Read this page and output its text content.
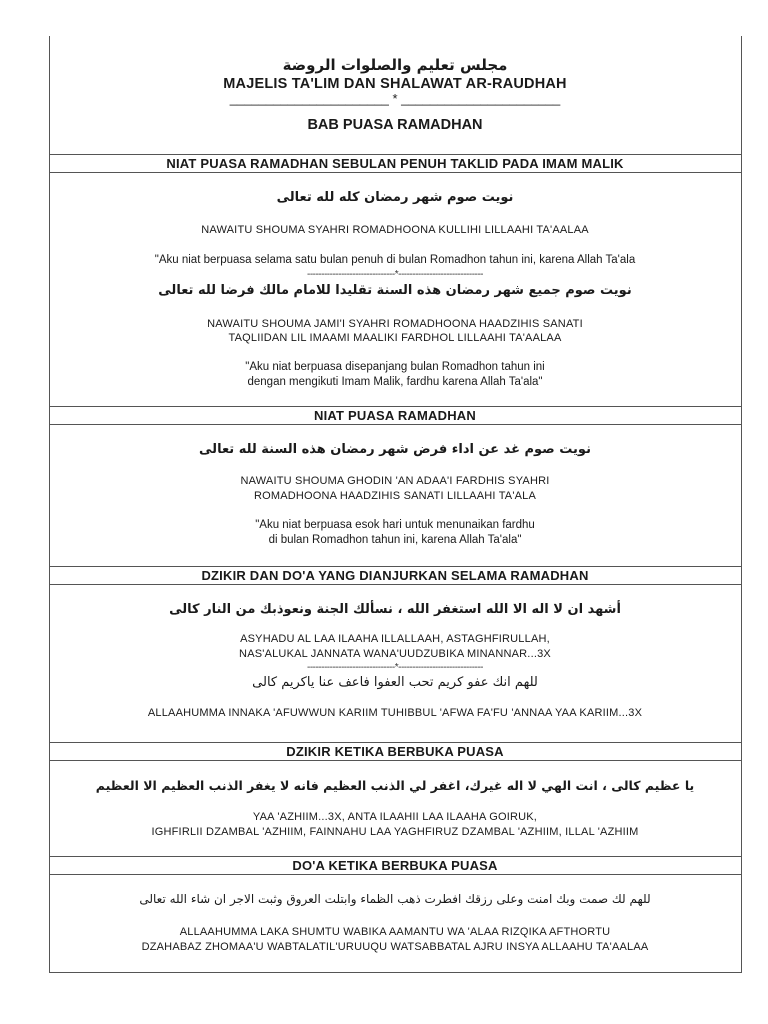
مجلس تعليم والصلوات الروضة
MAJELIS TA'LIM DAN SHALAWAT AR-RAUDHAH
______________________ * ______________________
BAB PUASA RAMADHAN
NIAT PUASA RAMADHAN SEBULAN PENUH TAKLID PADA IMAM MALIK
نويت صوم شهر رمضان كله لله تعالى
NAWAITU SHOUMA SYAHRI ROMADHOONA KULLIHI LILLAAHI TA'AALAA
"Aku niat berpuasa selama satu bulan penuh di bulan Romadhon tahun ini, karena Allah Ta'ala
-------------------------------*------------------------------
نويت صوم جميع شهر رمضان هذه السنة تقليدا للامام مالك فرضا لله تعالى
NAWAITU SHOUMA JAMI'I SYAHRI ROMADHOONA HAADZIHIS SANATI
TAQLIIDAN LIL IMAAMI MAALIKI FARDHOL LILLAAHI TA'AALAA
"Aku niat berpuasa disepanjang bulan Romadhon tahun ini
dengan mengikuti Imam Malik, fardhu karena Allah Ta'ala"
NIAT PUASA RAMADHAN
نويت صوم غد عن اداء فرض شهر رمضان هذه السنة لله تعالى
NAWAITU SHOUMA GHODIN 'AN ADAA'I FARDHIS SYAHRI
ROMADHOONA HAADZIHIS SANATI LILLAAHI TA'ALA
"Aku niat berpuasa esok hari untuk menunaikan fardhu
di bulan Romadhon tahun ini, karena Allah Ta'ala"
DZIKIR DAN DO'A YANG DIANJURKAN SELAMA RAMADHAN
أشهد ان لا اله الا الله استغفر الله ، نسألك الجنة ونعوذبك من النار كالى
ASYHADU AL LAA ILAAHA ILLALLAAH, ASTAGHFIRULLAH,
NAS'ALUKAL JANNATA WANA'UUDZUBIKA MINANNAR...3X
-------------------------------*------------------------------
للهم انك عفو كريم تحب العفوا فاعف عنا ياكريم كالى
ALLAAHUMMA INNAKA 'AFUWWUN KARIIM TUHIBBUL 'AFWA FA'FU 'ANNAA YAA KARIIM...3X
DZIKIR KETIKA BERBUKA PUASA
يا عظيم كالى ، انت الهي لا اله غيرك، اغفر لي الذنب العظيم فانه لا يغفر الذنب العظيم الا العظيم
YAA 'AZHIIM...3X, ANTA ILAAHII LAA ILAAHA GOIRUK,
IGHFIRLII DZAMBAL 'AZHIIM, FAINNAHU LAA YAGHFIRUZ DZAMBAL 'AZHIIM, ILLAL 'AZHIIM
DO'A KETIKA BERBUKA PUASA
للهم لك صمت وبك امنت وعلى رزقك افطرت ذهب الظماء وابتلت العروق وثبت الاجر ان شاء الله تعالى
ALLAAHUMMA LAKA SHUMTU WABIKA AAMANTU WA 'ALAA RIZQIKA AFTHORTU
DZAHABAZ ZHOMAA'U WABTALATIL'URUUQU WATSABBATAL AJRU INSYA ALLAAHU TA'AALAA
